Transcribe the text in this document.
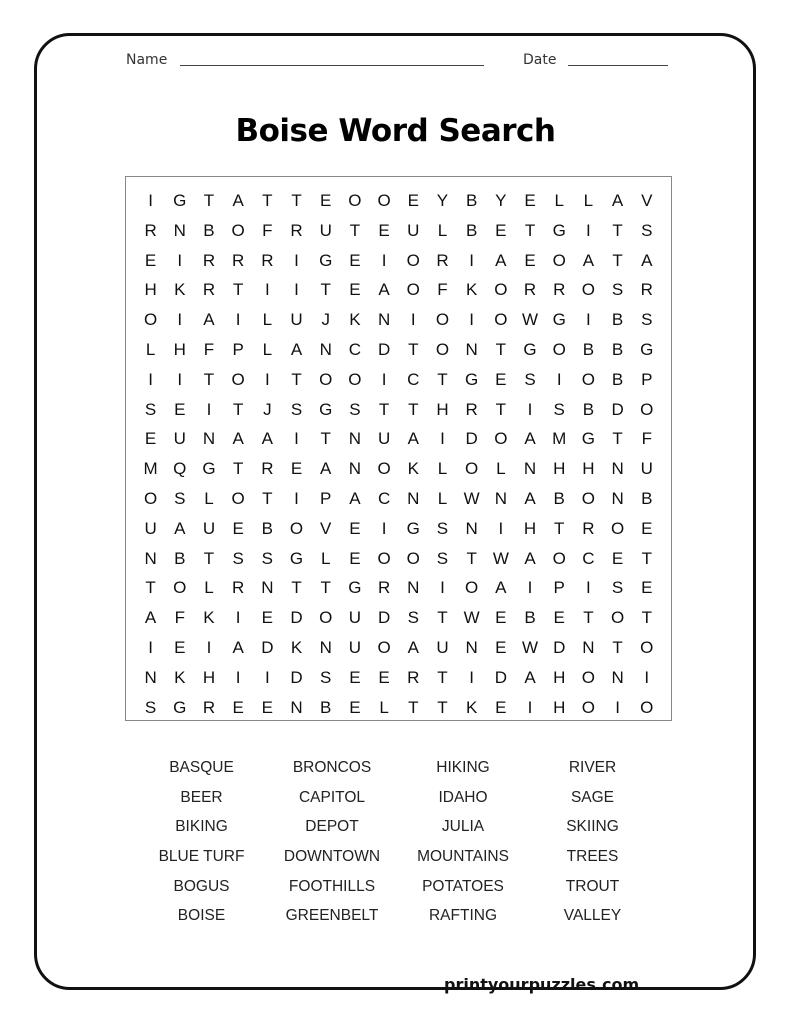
Name	Date
Boise Word Search
I	G	T	A	T	T	E O O E	Y	B	Y	E	L	L	A	V
R N	B O	F	R U	T	E	U	L	B	E	T	G	I	T	S
E	I	R R R	I	G E	I	O R	I	A	E O A	T	A
H	K	R	T	I	I	T	E	A O	F	K O R R O S	R
O	I	A	I	L	U	J	K	N	I	O	I	O W G	I	B	S
L	H	F	P	L	A	N C D	T	O N	T	G O B	B G
I	I	T	O	I	T	O O	I	C	T	G E	S	I	O B	P
S	E	I	T	J	S G S	T	T	H R	T	I	S	B	D O
E	U N	A	A	I	T	N U	A	I	D O A M G	T	F
M Q G	T	R	E	A	N O K	L	O	L	N H H N U
O S	L	O	T	I	P	A	C N	L W N	A	B O N	B
U	A	U	E	B O V	E	I	G S	N	I	H	T	R O E
N	B	T	S	S G	L	E O O S	T W A O C	E	T
T	O	L	R N	T	T	G R N	I	O A	I	P	I	S	E
A	F	K	I	E	D O U D	S	T W E	B	E	T	O	T
I	E	I	A	D	K	N U O A	U N	E W D N	T	O
N	K	H	I	I	D	S	E	E	R	T	I	D	A	H O N	I
S G R	E	E	N	B	E	L	T	T	K	E	I	H O	I	O
BASQUE	BRONCOS	HIKING	RIVER
BEER	CAPITOL	IDAHO	SAGE
BIKING	DEPOT	JULIA	SKIING
BLUE TURF	DOWNTOWN	MOUNTAINS	TREES
BOGUS	FOOTHILLS	POTATOES	TROUT
BOISE	GREENBELT	RAFTING	VALLEY
printyourpuzzles.com
